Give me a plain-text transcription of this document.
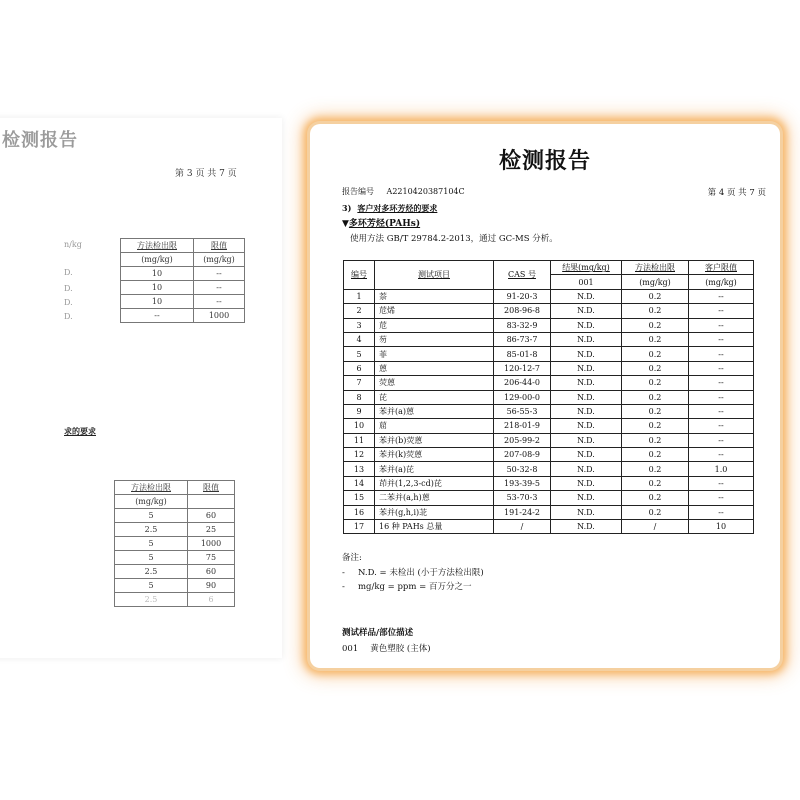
检测报告
第 3 页 共 7 页
n/kg
D.
D.
D.
D.
方法检出限	限值
(mg/kg)	(mg/kg)
10	--
10	--
10	--
--	1000
求的要求
方法检出限	限值
(mg/kg)	
5	60
2.5	25
5	1000
5	75
2.5	60
5	90
2.5	6
检测报告
报告编号 A2210420387104C	第 4 页 共 7 页
3) 客户对多环芳烃的要求
▼多环芳烃(PAHs)
使用方法 GB/T 29784.2-2013，通过 GC-MS 分析。
编号	测试项目	CAS 号	结果(mg/kg)	方法检出限	客户限值
			001	(mg/kg)	(mg/kg)
1	萘	91-20-3	N.D.	0.2	--
2	苊烯	208-96-8	N.D.	0.2	--
3	苊	83-32-9	N.D.	0.2	--
4	芴	86-73-7	N.D.	0.2	--
5	菲	85-01-8	N.D.	0.2	--
6	蒽	120-12-7	N.D.	0.2	--
7	荧蒽	206-44-0	N.D.	0.2	--
8	芘	129-00-0	N.D.	0.2	--
9	苯并(a)蒽	56-55-3	N.D.	0.2	--
10	䓛	218-01-9	N.D.	0.2	--
11	苯并(b)荧蒽	205-99-2	N.D.	0.2	--
12	苯并(k)荧蒽	207-08-9	N.D.	0.2	--
13	苯并(a)芘	50-32-8	N.D.	0.2	1.0
14	茚并(1,2,3-cd)芘	193-39-5	N.D.	0.2	--
15	二苯并(a,h)蒽	53-70-3	N.D.	0.2	--
16	苯并(g,h,i)苝	191-24-2	N.D.	0.2	--
17	16 种 PAHs 总量	/	N.D.	/	10
备注:
- N.D. = 未检出 (小于方法检出限)
- mg/kg = ppm = 百万分之一
测试样品/部位描述
001 黄色塑胶 (主体)
